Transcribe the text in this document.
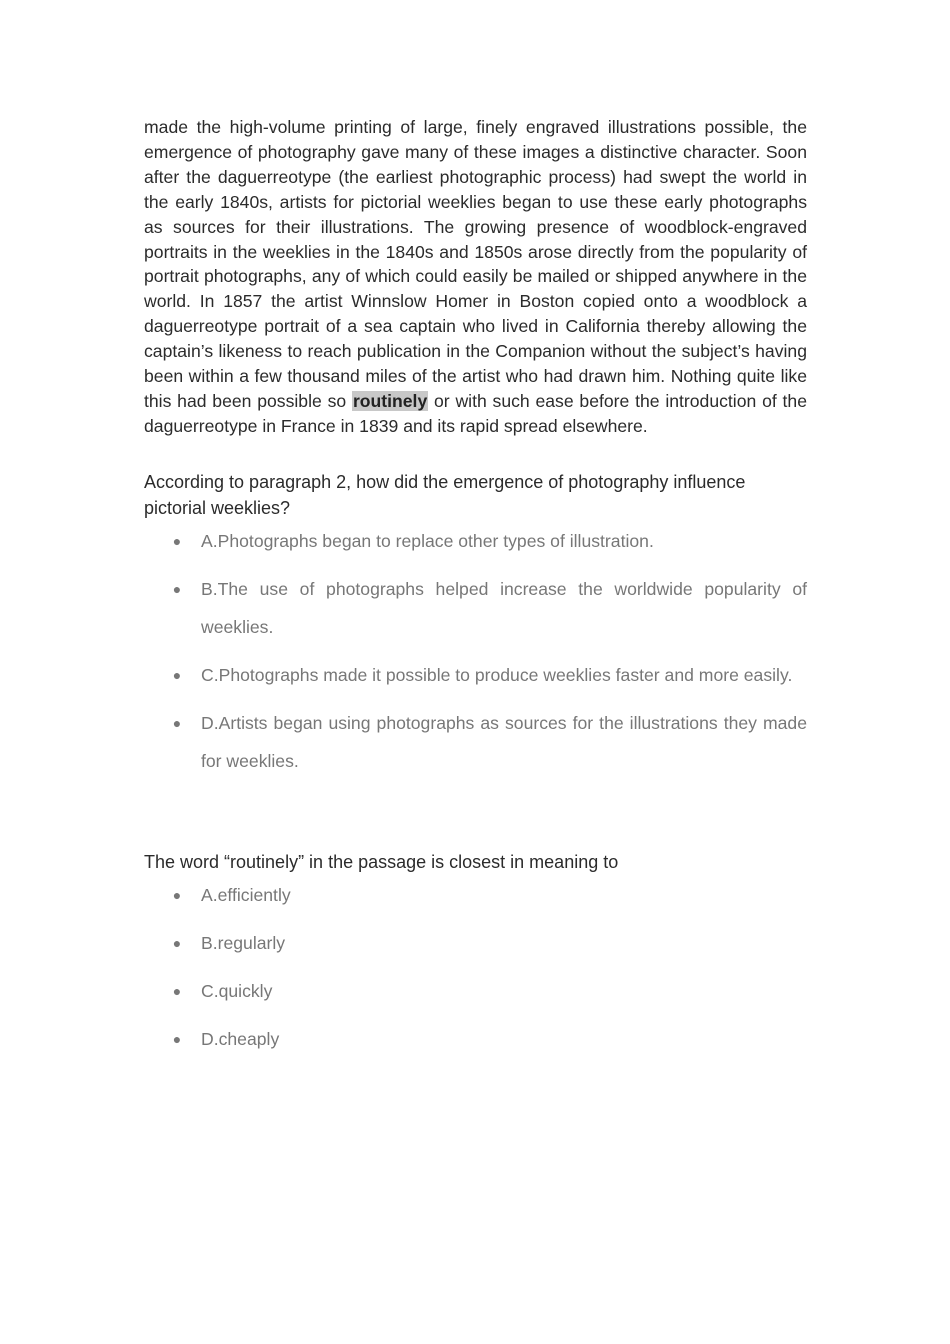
made the high-volume printing of large, finely engraved illustrations possible, the emergence of photography gave many of these images a distinctive character. Soon after the daguerreotype (the earliest photographic process) had swept the world in the early 1840s, artists for pictorial weeklies began to use these early photographs as sources for their illustrations. The growing presence of woodblock-engraved portraits in the weeklies in the 1840s and 1850s arose directly from the popularity of portrait photographs, any of which could easily be mailed or shipped anywhere in the world. In 1857 the artist Winnslow Homer in Boston copied onto a woodblock a daguerreotype portrait of a sea captain who lived in California thereby allowing the captain’s likeness to reach publication in the Companion without the subject’s having been within a few thousand miles of the artist who had drawn him. Nothing quite like this had been possible so routinely or with such ease before the introduction of the daguerreotype in France in 1839 and its rapid spread elsewhere.

According to paragraph 2, how did the emergence of photography influence pictorial weeklies?

● A.Photographs began to replace other types of illustration.
● B.The use of photographs helped increase the worldwide popularity of weeklies.
● C.Photographs made it possible to produce weeklies faster and more easily.
● D.Artists began using photographs as sources for the illustrations they made for weeklies.

The word “routinely” in the passage is closest in meaning to

● A.efficiently
● B.regularly
● C.quickly
● D.cheaply
